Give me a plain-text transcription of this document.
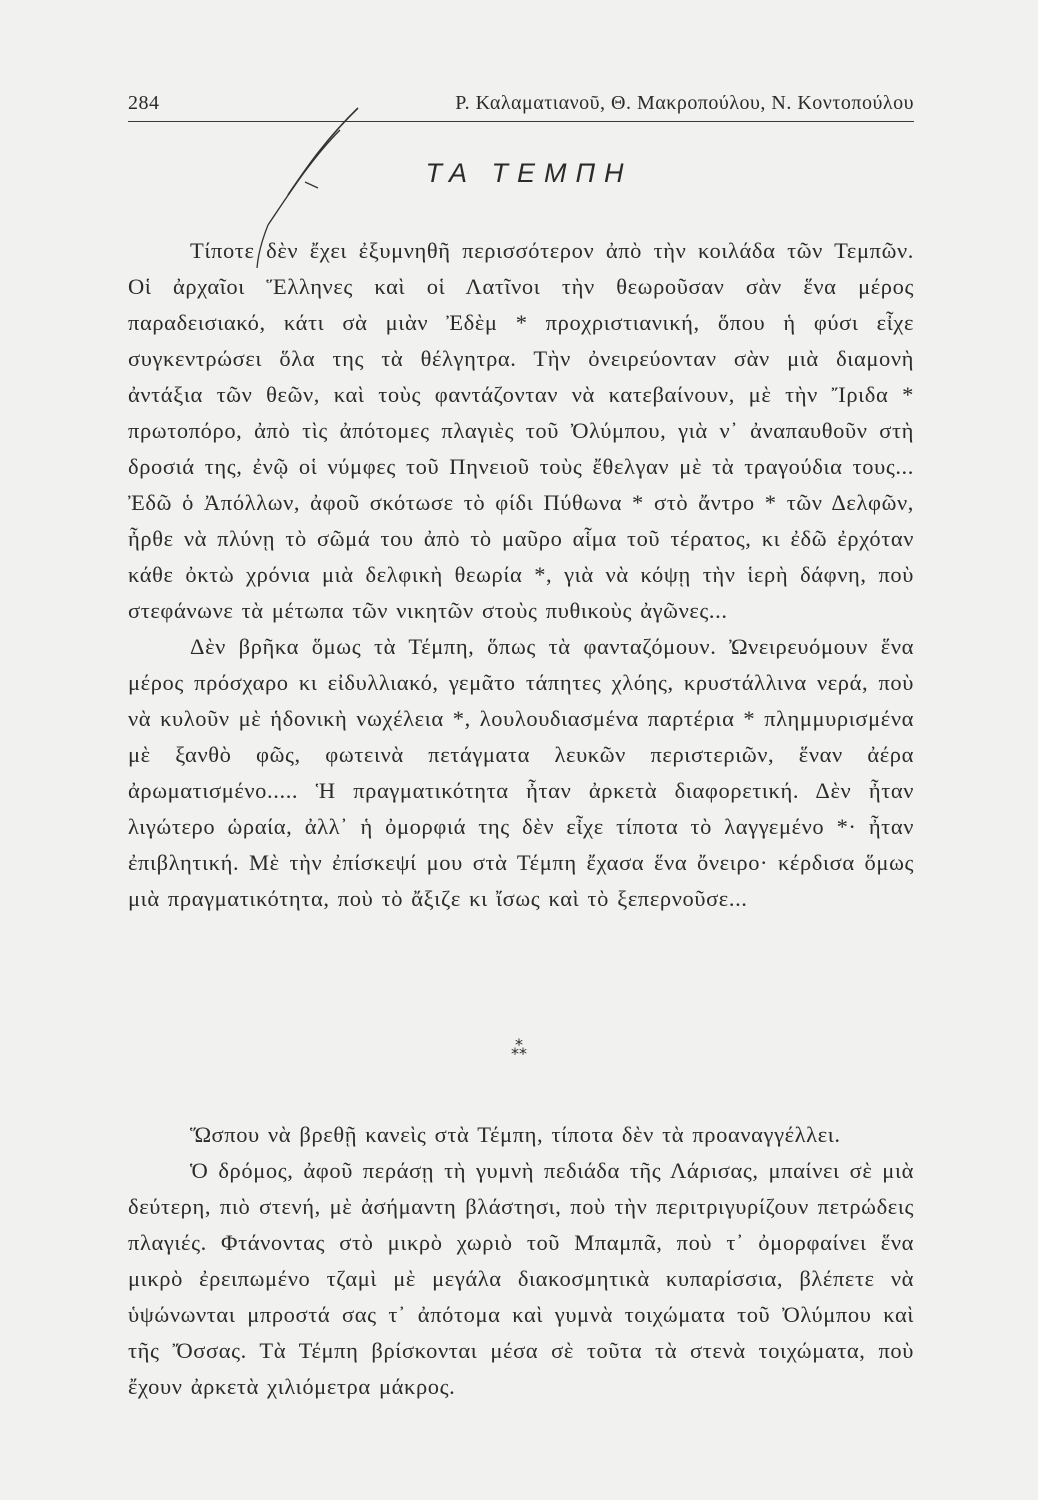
284	Ρ. Καλαματιανοῦ, Θ. Μακροπούλου, Ν. Κοντοπούλου
ΤΑ ΤΕΜΠΗ

Τίποτε δὲν ἔχει ἐξυμνηθῆ περισσότερον ἀπὸ τὴν κοιλάδα τῶν Τεμπῶν. Οἱ ἀρχαῖοι Ἕλληνες καὶ οἱ Λατῖνοι τὴν θεωροῦσαν σὰν ἕνα μέρος παραδεισιακό, κάτι σὰ μιὰν Ἐδὲμ * προχριστιανική, ὅπου ἡ φύσι εἶχε συγκεντρώσει ὅλα της τὰ θέλγητρα. Τὴν ὀνειρεύονταν σὰν μιὰ διαμονὴ ἀντάξια τῶν θεῶν, καὶ τοὺς φαντάζονταν νὰ κατεβαίνουν, μὲ τὴν Ἴριδα * πρωτοπόρο, ἀπὸ τὶς ἀπότομες πλαγιὲς τοῦ Ὀλύμπου, γιὰ ν᾽ ἀναπαυθοῦν στὴ δροσιά της, ἐνῷ οἱ νύμφες τοῦ Πηνειοῦ τοὺς ἔθελγαν μὲ τὰ τραγούδια τους... Ἐδῶ ὁ Ἀπόλλων, ἀφοῦ σκότωσε τὸ φίδι Πύθωνα * στὸ ἄντρο * τῶν Δελφῶν, ἦρθε νὰ πλύνῃ τὸ σῶμά του ἀπὸ τὸ μαῦρο αἷμα τοῦ τέρατος, κι ἐδῶ ἐρχόταν κάθε ὀκτὼ χρόνια μιὰ δελφικὴ θεωρία *, γιὰ νὰ κόψῃ τὴν ἱερὴ δάφνη, ποὺ στεφάνωνε τὰ μέτωπα τῶν νικητῶν στοὺς πυθικοὺς ἀγῶνες...

Δὲν βρῆκα ὅμως τὰ Τέμπη, ὅπως τὰ φανταζόμουν. Ὠνειρευόμουν ἕνα μέρος πρόσχαρο κι εἰδυλλιακό, γεμᾶτο τάπητες χλόης, κρυστάλλινα νερά, ποὺ νὰ κυλοῦν μὲ ἡδονικὴ νωχέλεια *, λουλουδιασμένα παρτέρια * πλημμυρισμένα μὲ ξανθὸ φῶς, φωτεινὰ πετάγματα λευκῶν περιστεριῶν, ἕναν ἀέρα ἀρωματισμένο..... Ἡ πραγματικότητα ἦταν ἀρκετὰ διαφορετική. Δὲν ἦταν λιγώτερο ὡραία, ἀλλ᾽ ἡ ὀμορφιά της δὲν εἶχε τίποτα τὸ λαγγεμένο *· ἦταν ἐπιβλητική. Μὲ τὴν ἐπίσκεψί μου στὰ Τέμπη ἔχασα ἕνα ὄνειρο· κέρδισα ὅμως μιὰ πραγματικότητα, ποὺ τὸ ἄξιζε κι ἴσως καὶ τὸ ξεπερνοῦσε...

*
**

Ὥσπου νὰ βρεθῇ κανεὶς στὰ Τέμπη, τίποτα δὲν τὰ προαναγγέλλει.

Ὁ δρόμος, ἀφοῦ περάσῃ τὴ γυμνὴ πεδιάδα τῆς Λάρισας, μπαίνει σὲ μιὰ δεύτερη, πιὸ στενή, μὲ ἀσήμαντη βλάστησι, ποὺ τὴν περιτριγυρίζουν πετρώδεις πλαγιές. Φτάνοντας στὸ μικρὸ χωριὸ τοῦ Μπαμπᾶ, ποὺ τ᾽ ὀμορφαίνει ἕνα μικρὸ ἐρειπωμένο τζαμὶ μὲ μεγάλα διακοσμητικὰ κυπαρίσσια, βλέπετε νὰ ὑψώνωνται μπροστά σας τ᾽ ἀπότομα καὶ γυμνὰ τοιχώματα τοῦ Ὀλύμπου καὶ τῆς Ὄσσας. Τὰ Τέμπη βρίσκονται μέσα σὲ τοῦτα τὰ στενὰ τοιχώματα, ποὺ ἔχουν ἀρκετὰ χιλιόμετρα μάκρος.
